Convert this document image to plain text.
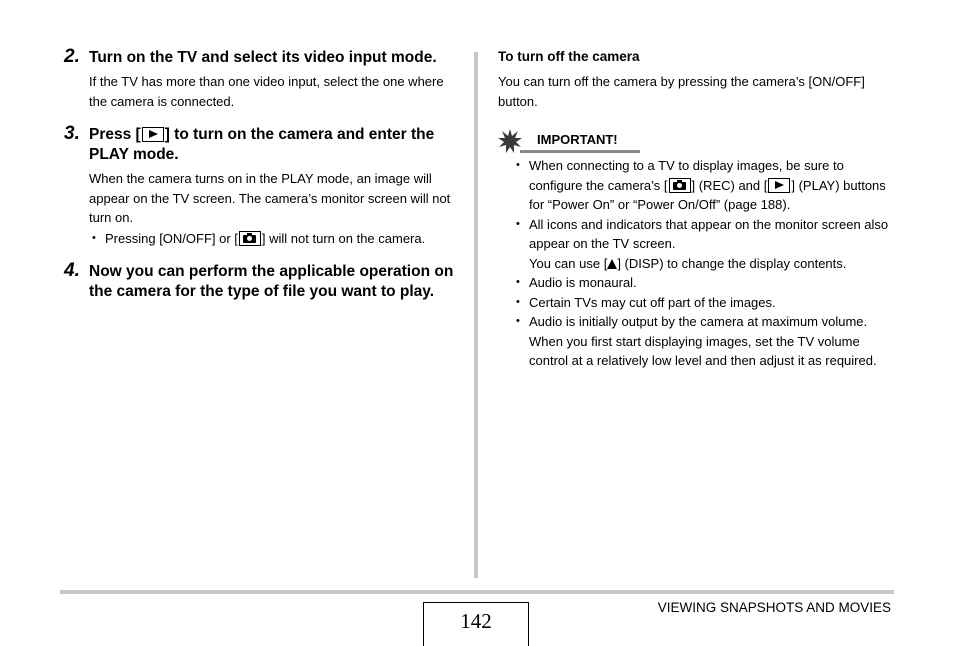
2. Turn on the TV and select its video input mode.
If the TV has more than one video input, select the one where the camera is connected.
3. Press [ ] to turn on the camera and enter the PLAY mode.
When the camera turns on in the PLAY mode, an image will appear on the TV screen. The camera’s monitor screen will not turn on.
• Pressing [ON/OFF] or [ ] will not turn on the camera.
4. Now you can perform the applicable operation on the camera for the type of file you want to play.
To turn off the camera
You can turn off the camera by pressing the camera’s [ON/OFF] button.
IMPORTANT!
• When connecting to a TV to display images, be sure to configure the camera’s [ ] (REC) and [ ] (PLAY) buttons for “Power On” or “Power On/Off” (page 188).
• All icons and indicators that appear on the monitor screen also appear on the TV screen.
You can use [ ] (DISP) to change the display contents.
• Audio is monaural.
• Certain TVs may cut off part of the images.
• Audio is initially output by the camera at maximum volume. When you first start displaying images, set the TV volume control at a relatively low level and then adjust it as required.
142
VIEWING SNAPSHOTS AND MOVIES
